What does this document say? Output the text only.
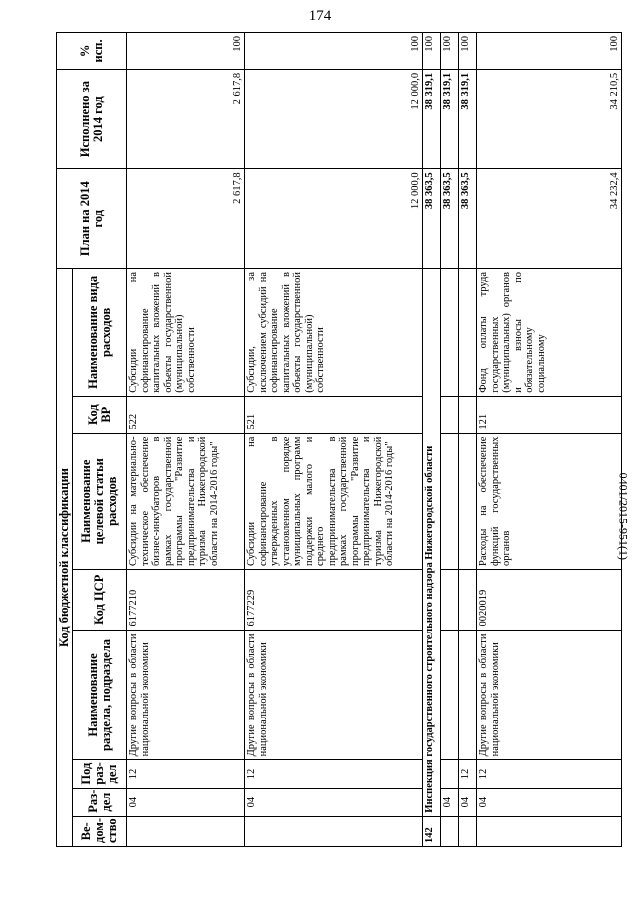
174
0401/2015-951(1)
Код бюджетной классификации								План на 2014 год	Исполнено за 2014 год	% исп.
Ве-дом-ство	Раз-дел	Под раз-дел	Наименование раздела, подраздела	Код ЦСР	Наименование целевой статьи расходов	Код ВР	Наименование вида расходов			
	04	12	Другие вопросы в области национальной экономики	6177210	Субсидии на материально-техническое обеспечение бизнес-инкубаторов в рамках государственной программы "Развитие предпринимательства и туризма Нижегородской области на 2014-2016 годы"	522	Субсидии на софинансирование капитальных вложений в объекты государственной (муниципальной) собственности	2 617,8	2 617,8	100
	04	12	Другие вопросы в области национальной экономики	6177229	Субсидии на софинансирование утвержденных в установленном порядке муниципальных программ поддержки малого и среднего предпринимательства в рамках государственной программы "Развитие предпринимательства и туризма Нижегородской области на 2014-2016 годы"	521	Субсидии, за исключением субсидий на софинансирование капитальных вложений в объекты государственной (муниципальной) собственности	12 000,0	12 000,0	100
142	Инспекция государственного строительного надзора Нижегородской области							38 363,5	38 319,1	100
	04							38 363,5	38 319,1	100
	04	12						38 363,5	38 319,1	100
	04	12	Другие вопросы в области национальной экономики	0020019	Расходы на обеспечение функций государственных органов	121	Фонд оплаты труда государственных (муниципальных) органов и взносы по обязательному социальному	34 232,4	34 210,5	100
